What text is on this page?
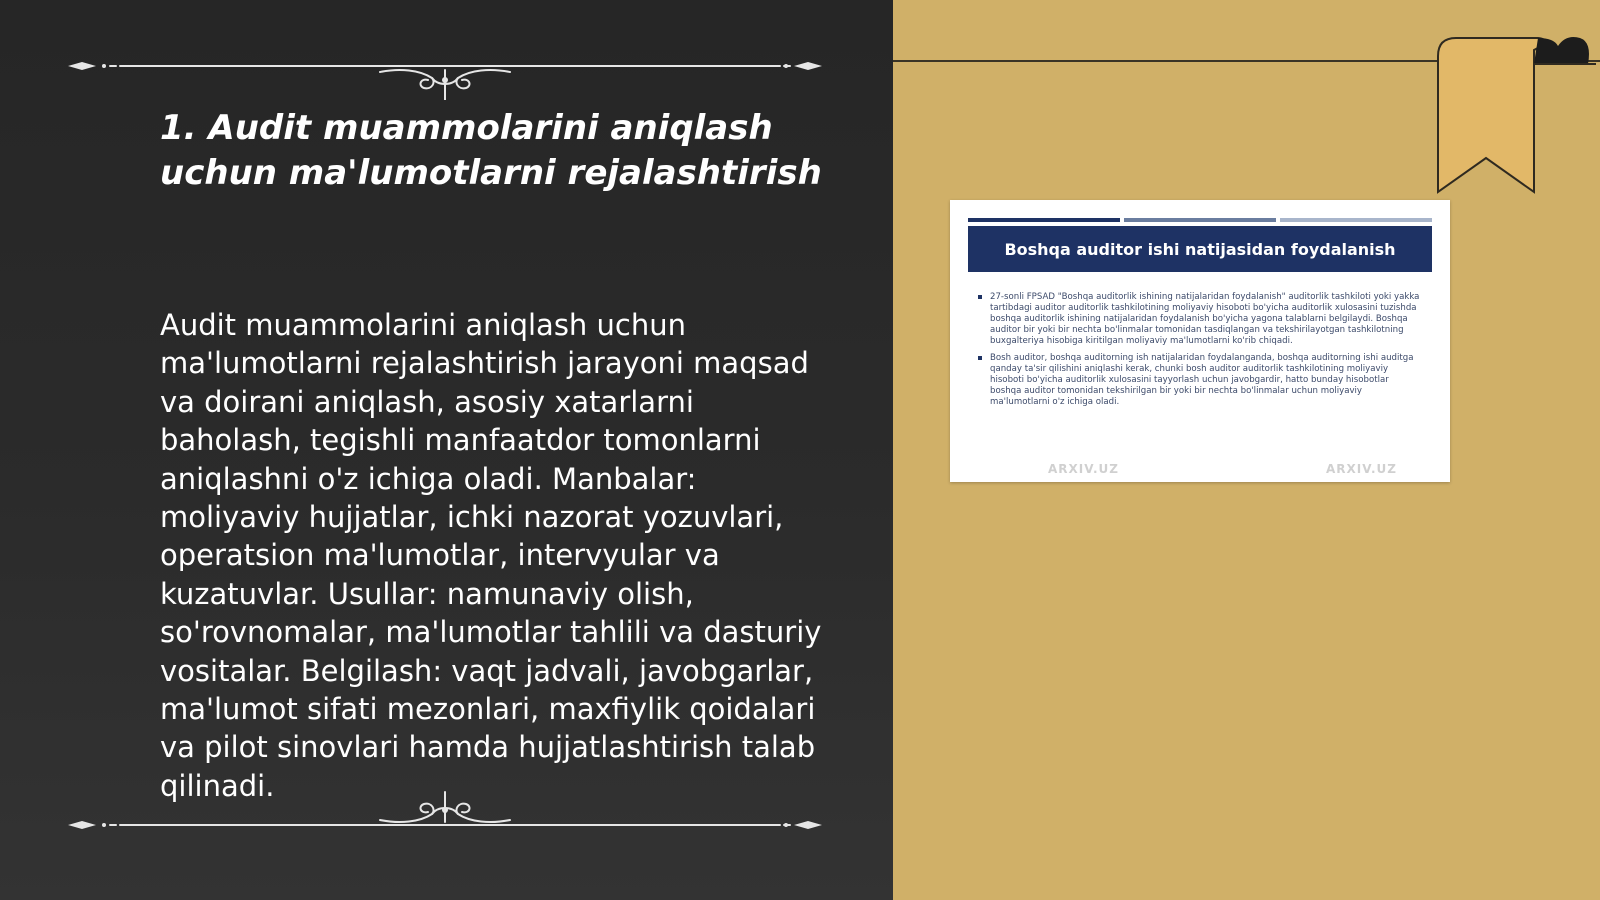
1. Audit muammolarini aniqlash uchun ma'lumotlarni rejalashtirish

Audit muammolarini aniqlash uchun ma'lumotlarni rejalashtirish jarayoni maqsad va doirani aniqlash, asosiy xatarlarni baholash, tegishli manfaatdor tomonlarni aniqlashni o'z ichiga oladi. Manbalar: moliyaviy hujjatlar, ichki nazorat yozuvlari, operatsion ma'lumotlar, intervyular va kuzatuvlar. Usullar: namunaviy olish, so'rovnomalar, ma'lumotlar tahlili va dasturiy vositalar. Belgilash: vaqt jadvali, javobgarlar, ma'lumot sifati mezonlari, maxfiylik qoidalari va pilot sinovlari hamda hujjatlashtirish talab qilinadi.

Boshqa auditor ishi natijasidan foydalanish
27-sonli FPSAD "Boshqa auditorlik ishining natijalaridan foydalanish" auditorlik tashkiloti yoki yakka tartibdagi auditor auditorlik tashkilotining moliyaviy hisoboti bo'yicha auditorlik xulosasini tuzishda boshqa auditorlik ishining natijalaridan foydalanish bo'yicha yagona talablarni belgilaydi. Boshqa auditor bir yoki bir nechta bo'linmalar tomonidan tasdiqlangan va tekshirilayotgan tashkilotning buxgalteriya hisobiga kiritilgan moliyaviy ma'lumotlarni ko'rib chiqadi.
Bosh auditor, boshqa auditorning ish natijalaridan foydalanganda, boshqa auditorning ishi auditga qanday ta'sir qilishini aniqlashi kerak, chunki bosh auditor auditorlik tashkilotining moliyaviy hisoboti bo'yicha auditorlik xulosasini tayyorlash uchun javobgardir, hatto bunday hisobotlar boshqa auditor tomonidan tekshirilgan bir yoki bir nechta bo'linmalar uchun moliyaviy ma'lumotlarni o'z ichiga oladi.
ARXIV.UZ	ARXIV.UZ
